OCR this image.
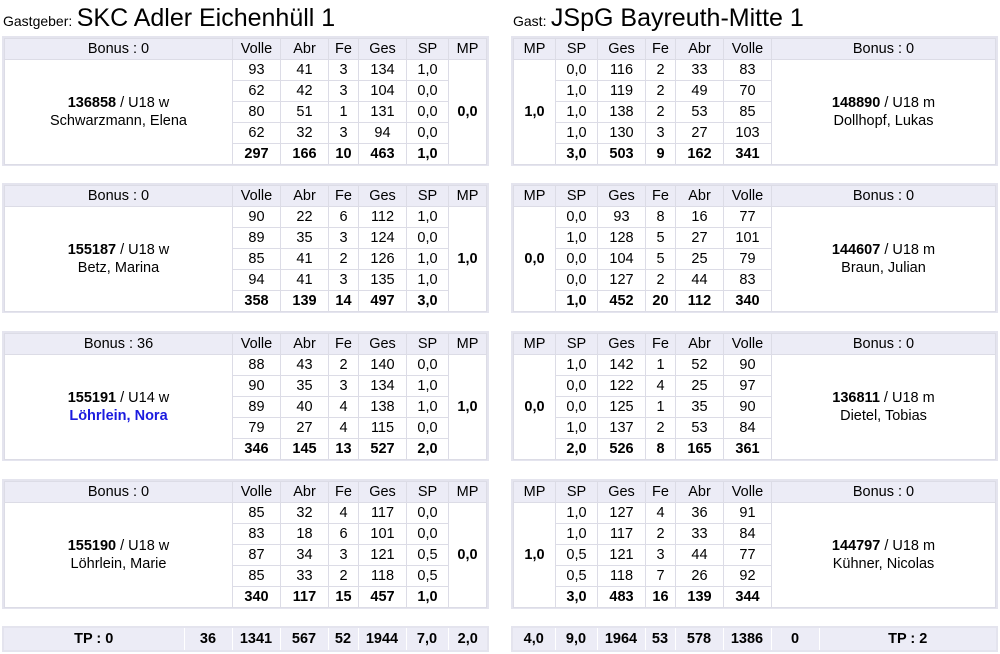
Gastgeber: SKC Adler Eichenhüll 1	Gast: JSpG Bayreuth-Mitte 1
Bonus : 0	Volle	Abr	Fe	Ges	SP	MP

136858 / U18 w
Schwarzmann, Elena	93	41	3	134	1,0	0,0
	62	42	3	104	0,0	
	80	51	1	131	0,0	
	62	32	3	94	0,0	
	297	166	10	463	1,0	
Bonus : 0	Volle	Abr	Fe	Ges	SP	MP

155187 / U18 w
Betz, Marina	90	22	6	112	1,0	1,0
	89	35	3	124	0,0	
	85	41	2	126	1,0	
	94	41	3	135	1,0	
	358	139	14	497	3,0	
Bonus : 36	Volle	Abr	Fe	Ges	SP	MP

155191 / U14 w
Löhrlein, Nora	88	43	2	140	0,0	1,0
	90	35	3	134	1,0	
	89	40	4	138	1,0	
	79	27	4	115	0,0	
	346	145	13	527	2,0	
Bonus : 0	Volle	Abr	Fe	Ges	SP	MP

155190 / U18 w
Löhrlein, Marie	85	32	4	117	0,0	0,0
	83	18	6	101	0,0	
	87	34	3	121	0,5	
	85	33	2	118	0,5	
	340	117	15	457	1,0	
MP	SP	Ges	Fe	Abr	Volle	Bonus : 0
1,0	0,0	116	2	33	83	148890 / U18 m
Dollhopf, Lukas

	1,0	119	2	49	70	
	1,0	138	2	53	85	
	1,0	130	3	27	103	
	3,0	503	9	162	341	
MP	SP	Ges	Fe	Abr	Volle	Bonus : 0
0,0	0,0	93	8	16	77	144607 / U18 m
Braun, Julian

	1,0	128	5	27	101	
	0,0	104	5	25	79	
	0,0	127	2	44	83	
	1,0	452	20	112	340	
MP	SP	Ges	Fe	Abr	Volle	Bonus : 0
0,0	1,0	142	1	52	90	136811 / U18 m
Dietel, Tobias

	0,0	122	4	25	97	
	0,0	125	1	35	90	
	1,0	137	2	53	84	
	2,0	526	8	165	361	
MP	SP	Ges	Fe	Abr	Volle	Bonus : 0
1,0	1,0	127	4	36	91	144797 / U18 m
Kühner, Nicolas

	1,0	117	2	33	84	
	0,5	121	3	44	77	
	0,5	118	7	26	92	
	3,0	483	16	139	344	
TP : 0	36	1341	567	52	1944	7,0	2,0	4,0	9,0	1964	53	578	1386	0	TP : 2
